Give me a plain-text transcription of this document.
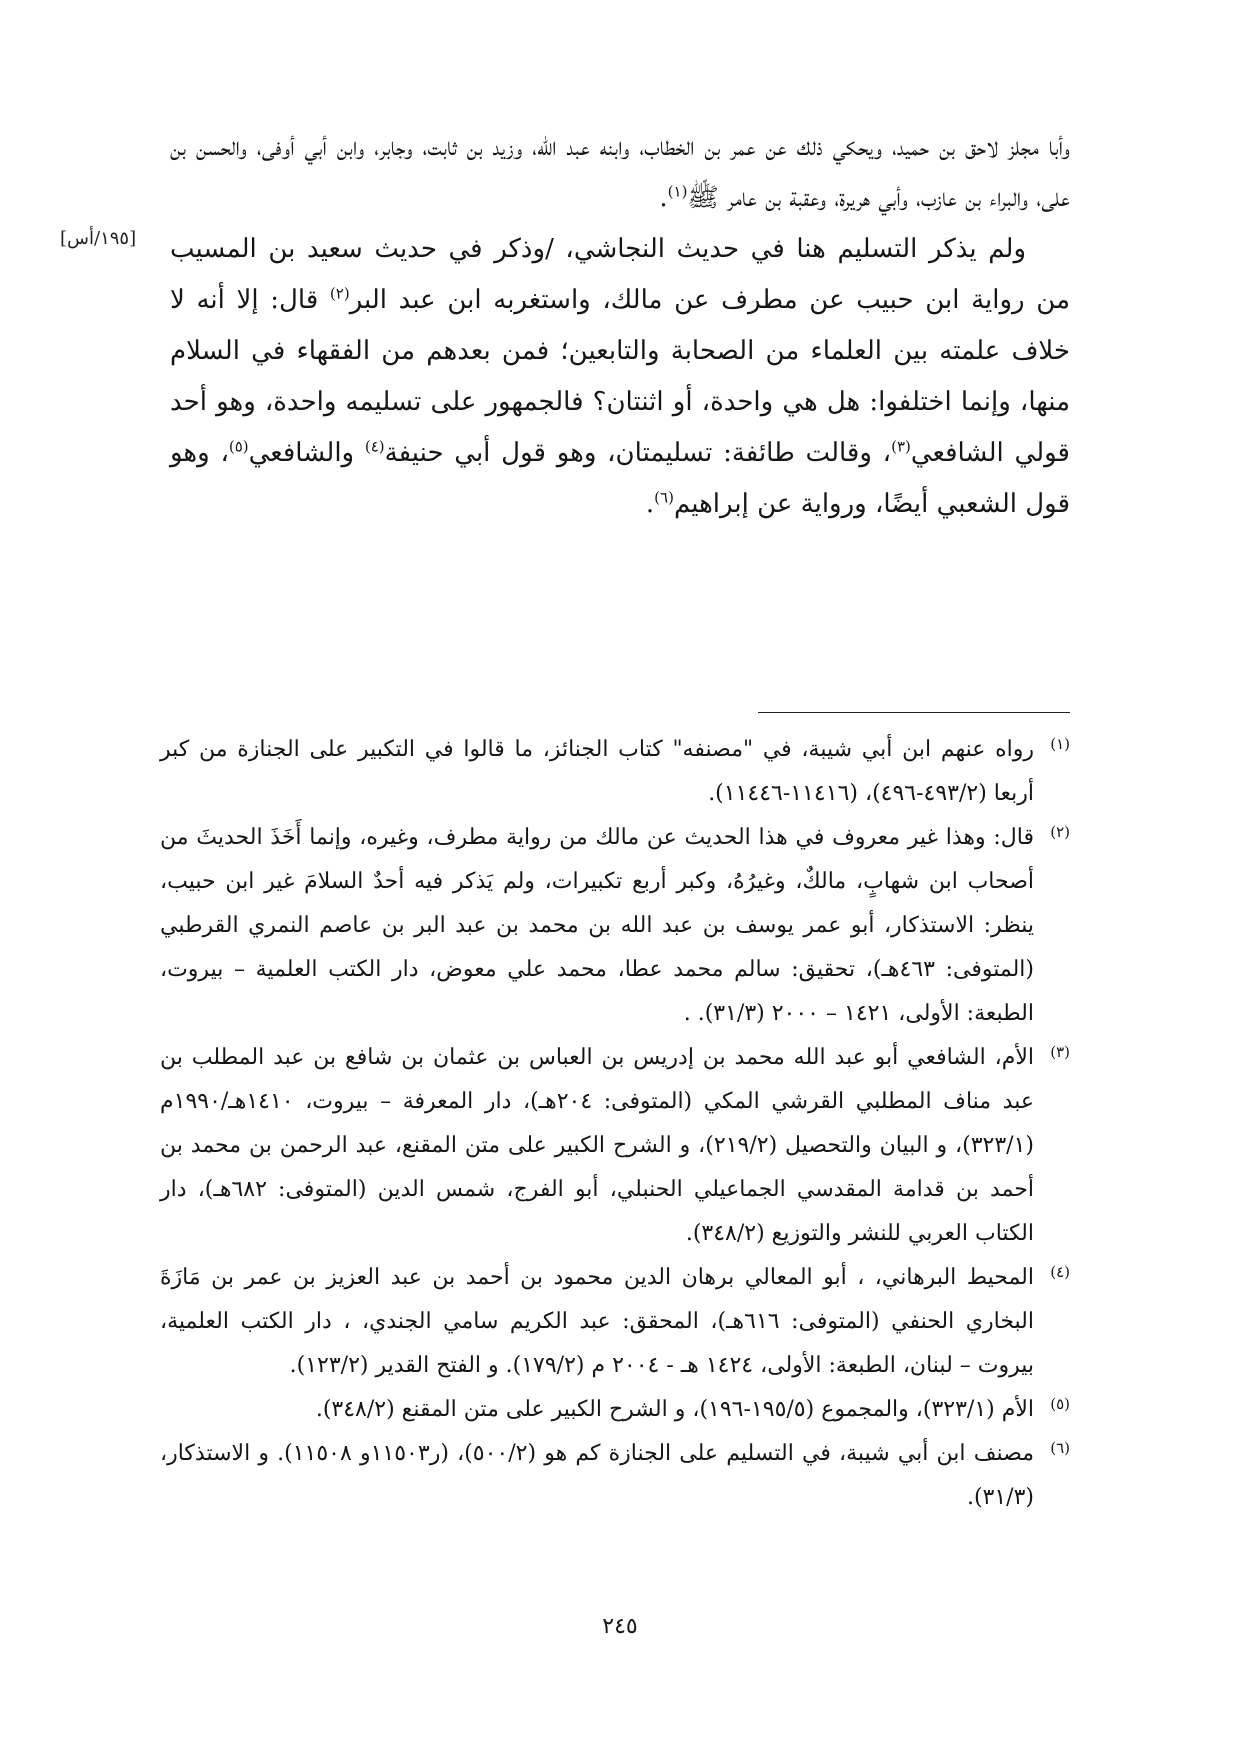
وأبا مجلز لاحق بن حميد، ويحكي ذلك عن عمر بن الخطاب، وابنه عبد الله، وزيد بن ثابت، وجابر، وابن أبي أوفى، والحسن بن على، والبراء بن عازب، وأبي هريرة، وعقبة بن عامر ﷺ$^{(١)}$.

ولم يذكر التسليم هنا في حديث النجاشي، /وذكر في حديث سعيد بن المسيب من رواية ابن حبيب عن مطرف عن مالك، واستغربه ابن عبد البر$^{(٢)}$ قال: إلا أنه لا خلاف علمته بين العلماء من الصحابة والتابعين؛ فمن بعدهم من الفقهاء في السلام منها، وإنما اختلفوا: هل هي واحدة، أو اثنتان؟ فالجمهور على تسليمه واحدة، وهو أحد قولي الشافعي$^{(٣)}$، وقالت طائفة: تسليمتان، وهو قول أبي حنيفة$^{(٤)}$ والشافعي$^{(٥)}$، وهو قول الشعبي أيضًا، ورواية عن إبراهيم$^{(٦)}$.

[١٩٥/أس]

(١)
رواه عنهم ابن أبي شيبة، في "مصنفه" كتاب الجنائز، ما قالوا في التكبير على الجنازة من كبر أربعا (٤٩٣/٢-٤٩٦)، (١١٤١٦-١١٤٤٦).

(٢)
قال: وهذا غير معروف في هذا الحديث عن مالك من رواية مطرف، وغيره، وإنما أَخَذَ الحديثَ من أصحاب ابن شهابٍ، مالكٌ، وغيرُهُ، وكبر أربع تكبيرات، ولم يَذكر فيه أحدٌ السلامَ غير ابن حبيب، ينظر: الاستذكار، أبو عمر يوسف بن عبد الله بن محمد بن عبد البر بن عاصم النمري القرطبي (المتوفى: ٤٦٣هـ)، تحقيق: سالم محمد عطا، محمد علي معوض، دار الكتب العلمية – بيروت، الطبعة: الأولى، ١٤٢١ – ٢٠٠٠ (٣١/٣). .

(٣)
الأم، الشافعي أبو عبد الله محمد بن إدريس بن العباس بن عثمان بن شافع بن عبد المطلب بن عبد مناف المطلبي القرشي المكي (المتوفى: ٢٠٤هـ)، دار المعرفة – بيروت، ١٤١٠هـ/١٩٩٠م (٣٢٣/١)، و البيان والتحصيل (٢١٩/٢)، و الشرح الكبير على متن المقنع، عبد الرحمن بن محمد بن أحمد بن قدامة المقدسي الجماعيلي الحنبلي، أبو الفرج، شمس الدين (المتوفى: ٦٨٢هـ)، دار الكتاب العربي للنشر والتوزيع (٣٤٨/٢).

(٤)
المحيط البرهاني، ، أبو المعالي برهان الدين محمود بن أحمد بن عبد العزيز بن عمر بن مَازَةَ البخاري الحنفي (المتوفى: ٦١٦هـ)، المحقق: عبد الكريم سامي الجندي، ، دار الكتب العلمية، بيروت – لبنان، الطبعة: الأولى، ١٤٢٤ هـ - ٢٠٠٤ م (١٧٩/٢). و الفتح القدير (١٢٣/٢).

(٥)
الأم (٣٢٣/١)، والمجموع (١٩٥/٥-١٩٦)، و الشرح الكبير على متن المقنع (٣٤٨/٢).

(٦)
مصنف ابن أبي شيبة، في التسليم على الجنازة كم هو (٥٠٠/٢)، (ر١١٥٠٣و ١١٥٠٨). و الاستذكار، (٣١/٣).

٢٤٥
